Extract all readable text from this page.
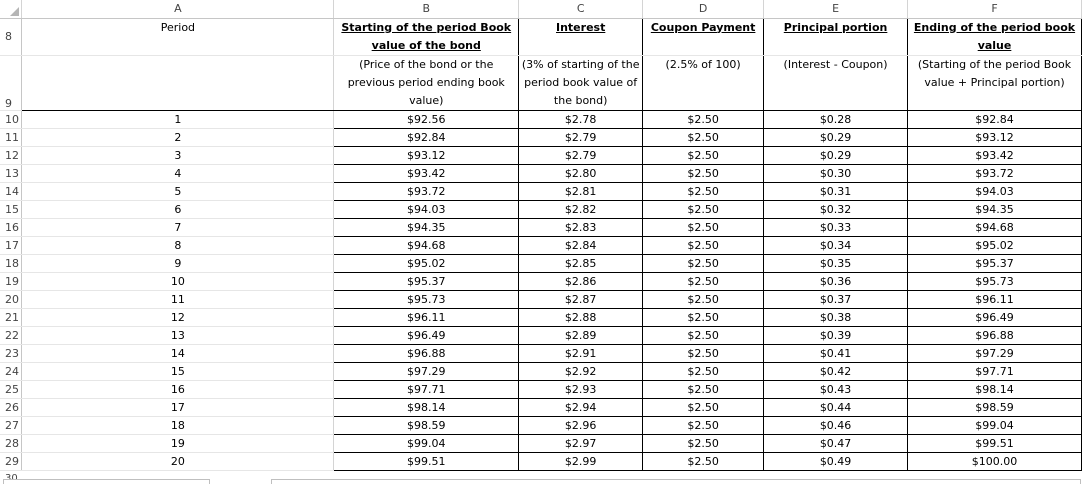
	A	B	C	D	E	F
8	Period	Starting of the period Book value of the bond	Interest	Coupon Payment	Principal portion	Ending of the period book value
9		(Price of the bond or the previous period ending book value)	(3% of starting of the period book value of the bond)	(2.5% of 100)	(Interest - Coupon)	(Starting of the period Book value + Principal portion)
10	1	$92.56	$2.78	$2.50	$0.28	$92.84
11	2	$92.84	$2.79	$2.50	$0.29	$93.12
12	3	$93.12	$2.79	$2.50	$0.29	$93.42
13	4	$93.42	$2.80	$2.50	$0.30	$93.72
14	5	$93.72	$2.81	$2.50	$0.31	$94.03
15	6	$94.03	$2.82	$2.50	$0.32	$94.35
16	7	$94.35	$2.83	$2.50	$0.33	$94.68
17	8	$94.68	$2.84	$2.50	$0.34	$95.02
18	9	$95.02	$2.85	$2.50	$0.35	$95.37
19	10	$95.37	$2.86	$2.50	$0.36	$95.73
20	11	$95.73	$2.87	$2.50	$0.37	$96.11
21	12	$96.11	$2.88	$2.50	$0.38	$96.49
22	13	$96.49	$2.89	$2.50	$0.39	$96.88
23	14	$96.88	$2.91	$2.50	$0.41	$97.29
24	15	$97.29	$2.92	$2.50	$0.42	$97.71
25	16	$97.71	$2.93	$2.50	$0.43	$98.14
26	17	$98.14	$2.94	$2.50	$0.44	$98.59
27	18	$98.59	$2.96	$2.50	$0.46	$99.04
28	19	$99.04	$2.97	$2.50	$0.47	$99.51
29	20	$99.51	$2.99	$2.50	$0.49	$100.00
